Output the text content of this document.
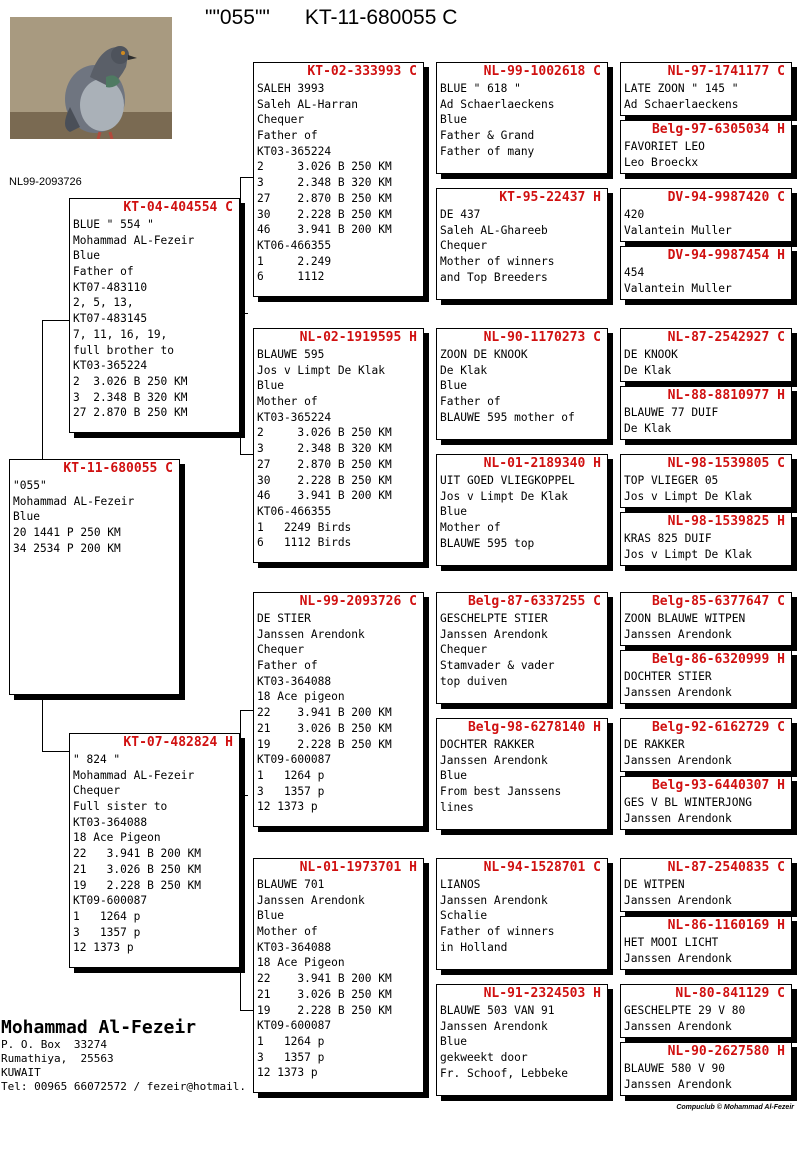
""055""      KT-11-680055 C
NL99-2093726
KT-11-680055 C
"055"
Mohammad AL-Fezeir
Blue
20 1441 P 250 KM
34 2534 P 200 KM
KT-04-404554 C
BLUE " 554 "
Mohammad AL-Fezeir
Blue
Father of
KT07-483110
2, 5, 13,
KT07-483145
7, 11, 16, 19,
full brother to
KT03-365224
2  3.026 B 250 KM
3  2.348 B 320 KM
27 2.870 B 250 KM
KT-07-482824 H
" 824 "
Mohammad AL-Fezeir
Chequer
Full sister to
KT03-364088
18 Ace Pigeon
22   3.941 B 200 KM
21   3.026 B 250 KM
19   2.228 B 250 KM
KT09-600087
1   1264 p
3   1357 p
12 1373 p
KT-02-333993 C
SALEH 3993
Saleh AL-Harran
Chequer
Father of
KT03-365224
2     3.026 B 250 KM
3     2.348 B 320 KM
27    2.870 B 250 KM
30    2.228 B 250 KM
46    3.941 B 200 KM
KT06-466355
1     2.249
6     1112
NL-02-1919595 H
BLAUWE 595
Jos v Limpt De Klak
Blue
Mother of
KT03-365224
2     3.026 B 250 KM
3     2.348 B 320 KM
27    2.870 B 250 KM
30    2.228 B 250 KM
46    3.941 B 200 KM
KT06-466355
1   2249 Birds
6   1112 Birds
NL-99-2093726 C
DE STIER
Janssen Arendonk
Chequer
Father of
KT03-364088
18 Ace pigeon
22    3.941 B 200 KM
21    3.026 B 250 KM
19    2.228 B 250 KM
KT09-600087
1   1264 p
3   1357 p
12 1373 p
NL-01-1973701 H
BLAUWE 701
Janssen Arendonk
Blue
Mother of
KT03-364088
18 Ace Pigeon
22    3.941 B 200 KM
21    3.026 B 250 KM
19    2.228 B 250 KM
KT09-600087
1   1264 p
3   1357 p
12 1373 p
NL-99-1002618 C
BLUE " 618 "
Ad Schaerlaeckens
Blue
Father & Grand
Father of many
KT-95-22437 H
DE 437
Saleh AL-Ghareeb
Chequer
Mother of winners
and Top Breeders
NL-90-1170273 C
ZOON DE KNOOK
De Klak
Blue
Father of
BLAUWE 595 mother of
NL-01-2189340 H
UIT GOED VLIEGKOPPEL
Jos v Limpt De Klak
Blue
Mother of
BLAUWE 595 top
Belg-87-6337255 C
GESCHELPTE STIER
Janssen Arendonk
Chequer
Stamvader & vader
top duiven
Belg-98-6278140 H
DOCHTER RAKKER
Janssen Arendonk
Blue
From best Janssens
lines
NL-94-1528701 C
LIANOS
Janssen Arendonk
Schalie
Father of winners
in Holland
NL-91-2324503 H
BLAUWE 503 VAN 91
Janssen Arendonk
Blue
gekweekt door
Fr. Schoof, Lebbeke
NL-97-1741177 C
LATE ZOON " 145 "
Ad Schaerlaeckens
Belg-97-6305034 H
FAVORIET LEO
Leo Broeckx
DV-94-9987420 C
420
Valantein Muller
DV-94-9987454 H
454
Valantein Muller
NL-87-2542927 C
DE KNOOK
De Klak
NL-88-8810977 H
BLAUWE 77 DUIF
De Klak
NL-98-1539805 C
TOP VLIEGER 05
Jos v Limpt De Klak
NL-98-1539825 H
KRAS 825 DUIF
Jos v Limpt De Klak
Belg-85-6377647 C
ZOON BLAUWE WITPEN
Janssen Arendonk
Belg-86-6320999 H
DOCHTER STIER
Janssen Arendonk
Belg-92-6162729 C
DE RAKKER
Janssen Arendonk
Belg-93-6440307 H
GES V BL WINTERJONG
Janssen Arendonk
NL-87-2540835 C
DE WITPEN
Janssen Arendonk
NL-86-1160169 H
HET MOOI LICHT
Janssen Arendonk
NL-80-841129 C
GESCHELPTE 29 V 80
Janssen Arendonk
NL-90-2627580 H
BLAUWE 580 V 90
Janssen Arendonk
Mohammad Al-Fezeir
P. O. Box  33274
Rumathiya,  25563
KUWAIT
Tel: 00965 66072572 / fezeir@hotmail.
Compuclub © Mohammad Al-Fezeir
